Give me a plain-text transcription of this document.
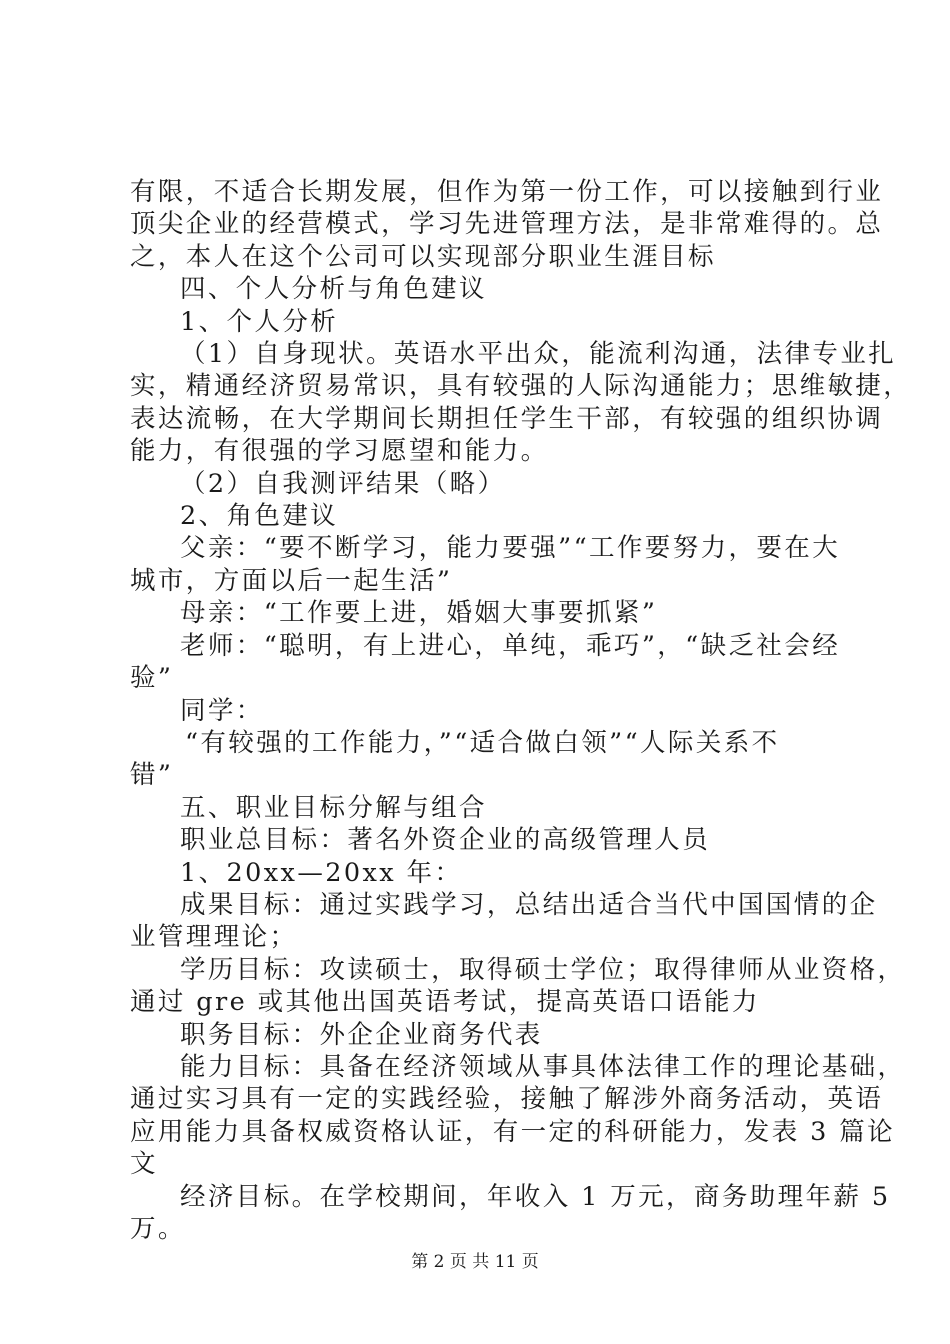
有限，不适合长期发展，但作为第一份工作，可以接触到行业

顶尖企业的经营模式，学习先进管理方法，是非常难得的。总

之，本人在这个公司可以实现部分职业生涯目标

四、个人分析与角色建议

1、个人分析

（1）自身现状。英语水平出众，能流利沟通，法律专业扎

实，精通经济贸易常识，具有较强的人际沟通能力；思维敏捷，

表达流畅，在大学期间长期担任学生干部，有较强的组织协调

能力，有很强的学习愿望和能力。

（2）自我测评结果（略）

2、角色建议

父亲：“要不断学习，能力要强”“工作要努力，要在大

城市，方面以后一起生活”

母亲：“工作要上进，婚姻大事要抓紧”

老师：“聪明，有上进心，单纯，乖巧”，“缺乏社会经

验”

同学：

“有较强的工作能力，”“适合做白领”“人际关系不

错”

五、职业目标分解与组合

职业总目标：著名外资企业的高级管理人员

1、20xx—20xx 年：

成果目标：通过实践学习，总结出适合当代中国国情的企

业管理理论；

学历目标：攻读硕士，取得硕士学位；取得律师从业资格，

通过 gre 或其他出国英语考试，提高英语口语能力

职务目标：外企企业商务代表

能力目标：具备在经济领域从事具体法律工作的理论基础，

通过实习具有一定的实践经验，接触了解涉外商务活动，英语

应用能力具备权威资格认证，有一定的科研能力，发表 3 篇论

文

经济目标。在学校期间，年收入 1 万元，商务助理年薪 5

万。

第 2 页 共 11 页
